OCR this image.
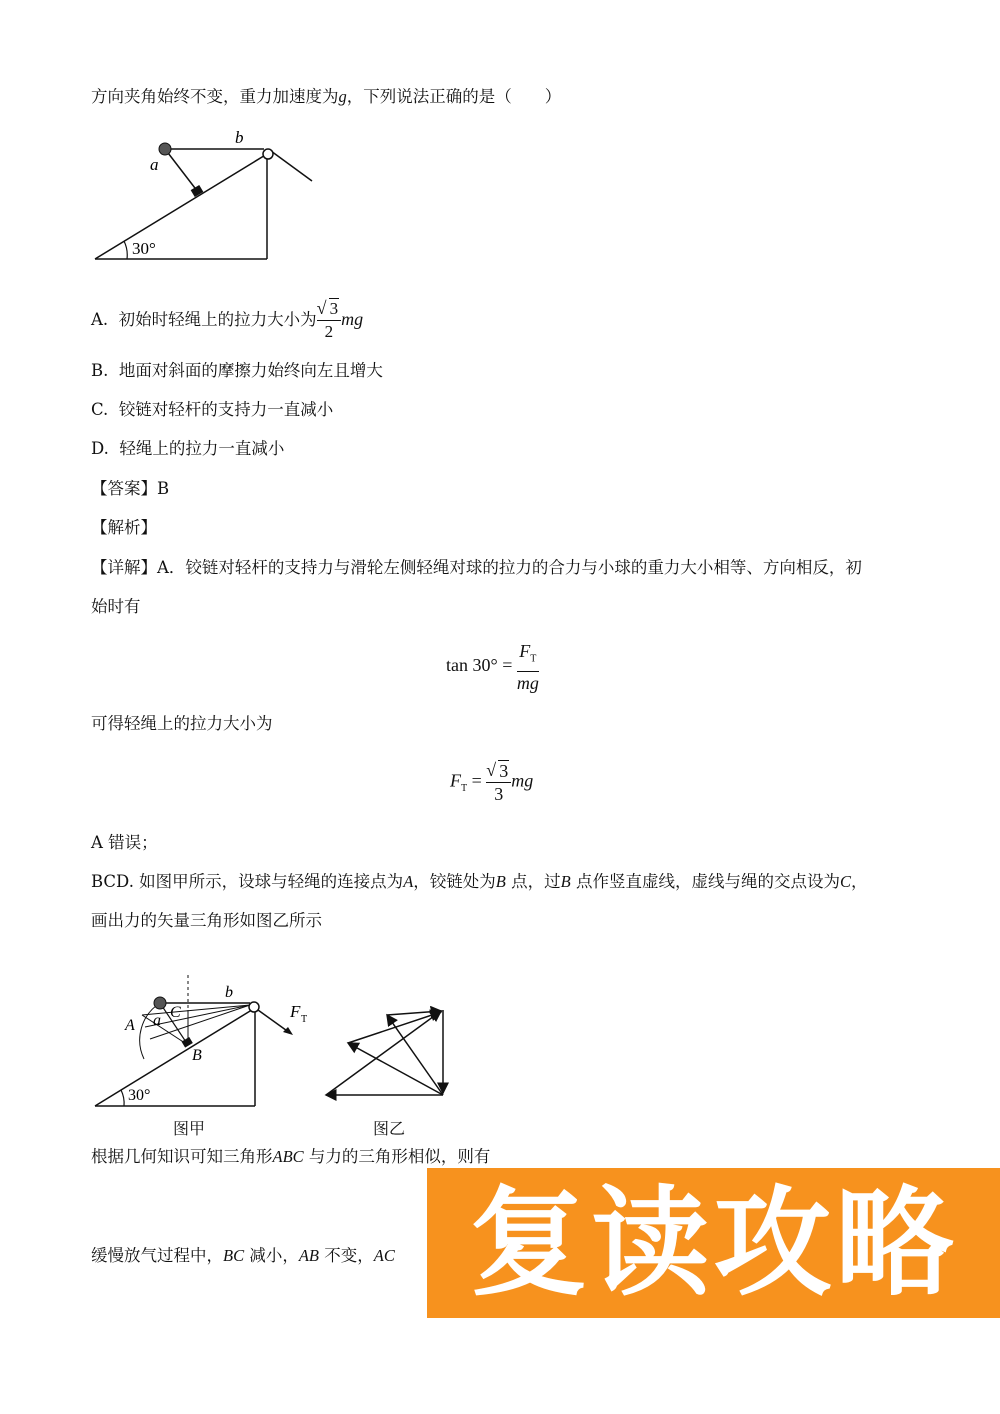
方向夹角始终不变，重力加速度为g，下列说法正确的是（　　）
a
b
30°
A. 初始时轻绳上的拉力大小为 √ $\frac{3}{2}$ mg
B. 地面对斜面的摩擦力始终向左且增大
C. 铰链对轻杆的支持力一直减小
D. 轻绳上的拉力一直减小
【答案】B
【解析】
【详解】A．铰链对轻杆的支持力与滑轮左侧轻绳对球的拉力的合力与小球的重力大小相等、方向相反，初
始时有
$\tan 30^\circ = \frac{F_T}{mg}$
可得轻绳上的拉力大小为
$F_T$ = √ $\frac{3}{3}$ mg
A 错误；
BCD. 如图甲所示，设球与轻绳的连接点为A，铰链处为B 点，过B 点作竖直虚线，虚线与绳的交点设为C，
画出力的矢量三角形如图乙所示
A a C
b
B
F T
30°
图甲	图乙
根据几何知识可知三角形ABC 与力的三角形相似，则有
缓慢放气过程中，BC 减小，AB 不变，AC 复读攻略
